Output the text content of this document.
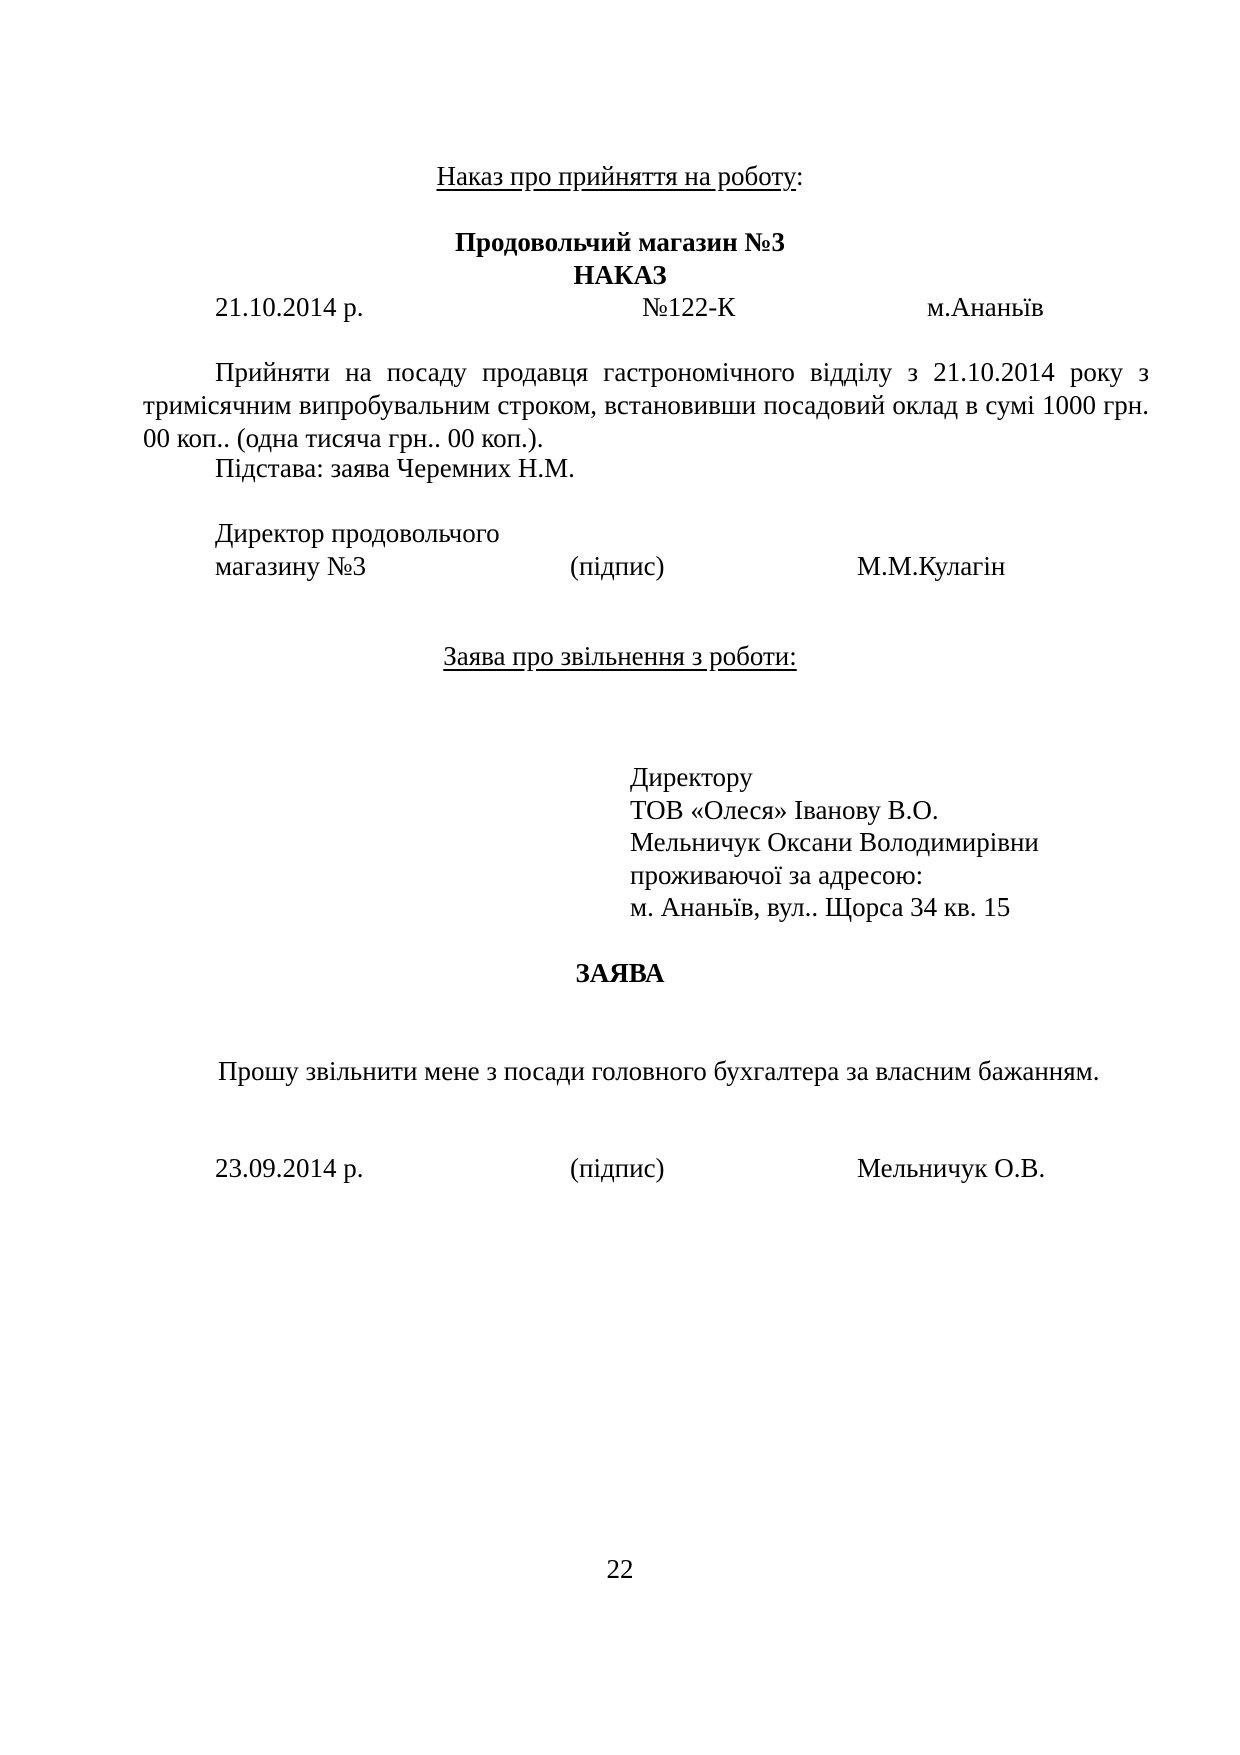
Наказ про прийняття на роботу:
Продовольчий магазин №3
НАКАЗ
21.10.2014 р.	№122-К	м.Ананьїв
Прийняти на посаду продавця гастрономічного відділу з 21.10.2014 року з тримісячним випробувальним строком, встановивши посадовий оклад в сумі 1000 грн. 00 коп.. (одна тисяча грн.. 00 коп.).
Підстава: заява Черемних Н.М.
Директор продовольчого
магазину №3	(підпис)	М.М.Кулагін
Заява про звільнення з роботи:
Директору
ТОВ «Олеся» Іванову В.О.
Мельничук Оксани Володимирівни
проживаючої за адресою:
м. Ананьїв, вул.. Щорса 34 кв. 15
ЗАЯВА
Прошу звільнити мене з посади головного бухгалтера за власним бажанням.
23.09.2014 р.	(підпис)	Мельничук О.В.
22
